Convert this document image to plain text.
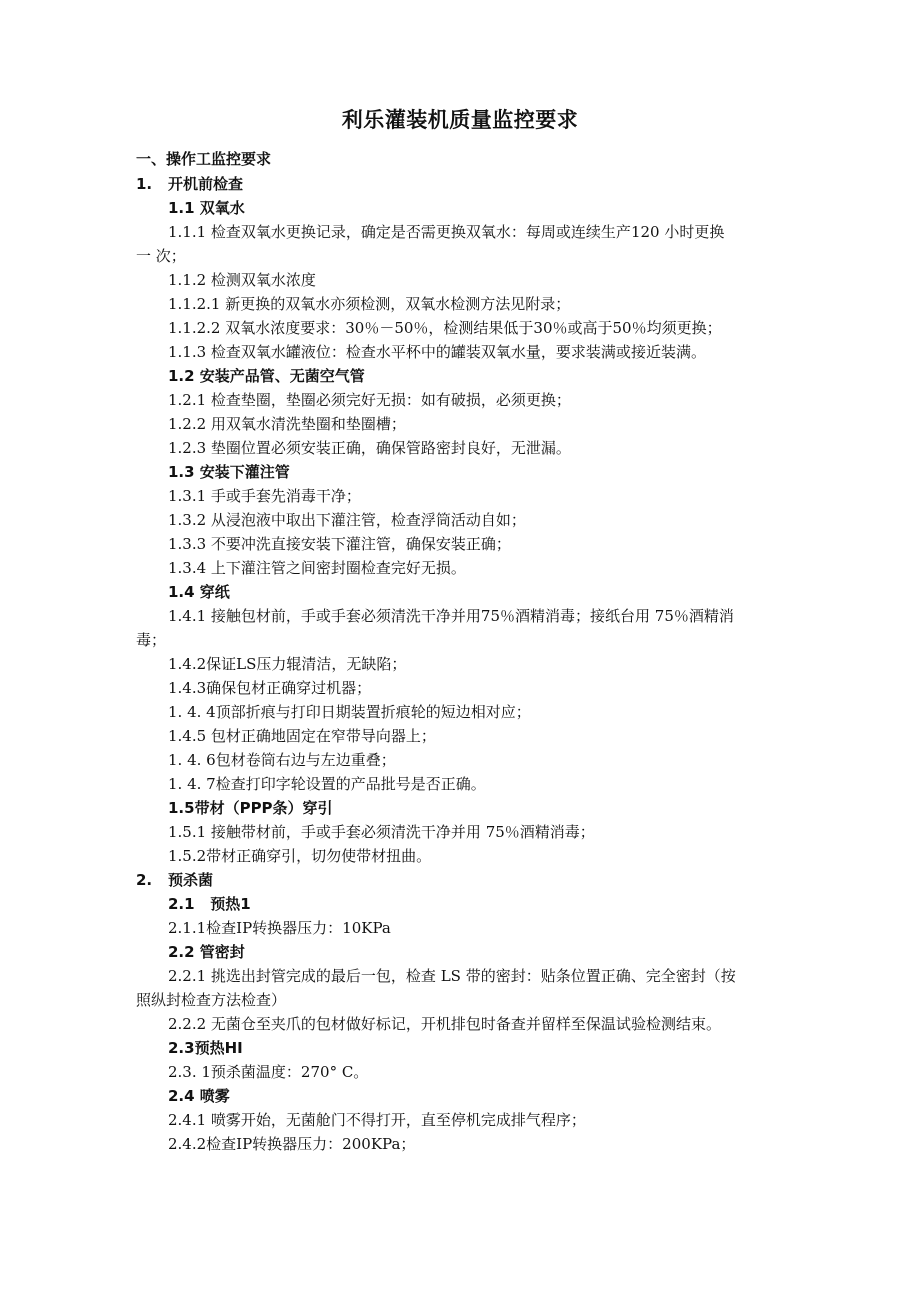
利乐灌装机质量监控要求
一、操作工监控要求
1. 开机前检查
1.1 双氧水
1.1.1 检查双氧水更换记录，确定是否需更换双氧水：每周或连续生产120 小时更换
一 次；
1.1.2 检测双氧水浓度
1.1.2.1 新更换的双氧水亦须检测，双氧水检测方法见附录；
1.1.2.2 双氧水浓度要求：30％－50％，检测结果低于30％或高于50％均须更换；
1.1.3 检查双氧水罐液位：检查水平杯中的罐装双氧水量，要求装满或接近装满。
1.2 安装产品管、无菌空气管
1.2.1 检查垫圈，垫圈必须完好无损：如有破损，必须更换；
1.2.2 用双氧水清洗垫圈和垫圈槽；
1.2.3 垫圈位置必须安装正确，确保管路密封良好，无泄漏。
1.3 安装下灌注管
1.3.1 手或手套先消毒干净；
1.3.2 从浸泡液中取出下灌注管，检查浮筒活动自如；
1.3.3 不要冲洗直接安装下灌注管，确保安装正确；
1.3.4 上下灌注管之间密封圈检查完好无损。
1.4 穿纸
1.4.1 接触包材前，手或手套必须清洗干净并用75％酒精消毒；接纸台用 75％酒精消
毒；
1.4.2保证LS压力辊清洁，无缺陷；
1.4.3确保包材正确穿过机器；
1. 4. 4顶部折痕与打印日期装置折痕轮的短边相对应；
1.4.5 包材正确地固定在窄带导向器上；
1. 4. 6包材卷筒右边与左边重叠；
1. 4. 7检查打印字轮设置的产品批号是否正确。
1.5带材（PPP条）穿引
1.5.1 接触带材前，手或手套必须清洗干净并用 75％酒精消毒；
1.5.2带材正确穿引，切勿使带材扭曲。
2. 预杀菌
2.1   预热1
2.1.1检查IP转换器压力：10KPa
2.2 管密封
2.2.1 挑选出封管完成的最后一包，检查 LS 带的密封：贴条位置正确、完全密封（按
照纵封检查方法检查）
2.2.2 无菌仓至夹爪的包材做好标记，开机排包时备查并留样至保温试验检测结束。
2.3预热HI
2.3. 1预杀菌温度：270° C。
2.4 喷雾
2.4.1 喷雾开始，无菌舱门不得打开，直至停机完成排气程序；
2.4.2检查IP转换器压力：200KPa；
